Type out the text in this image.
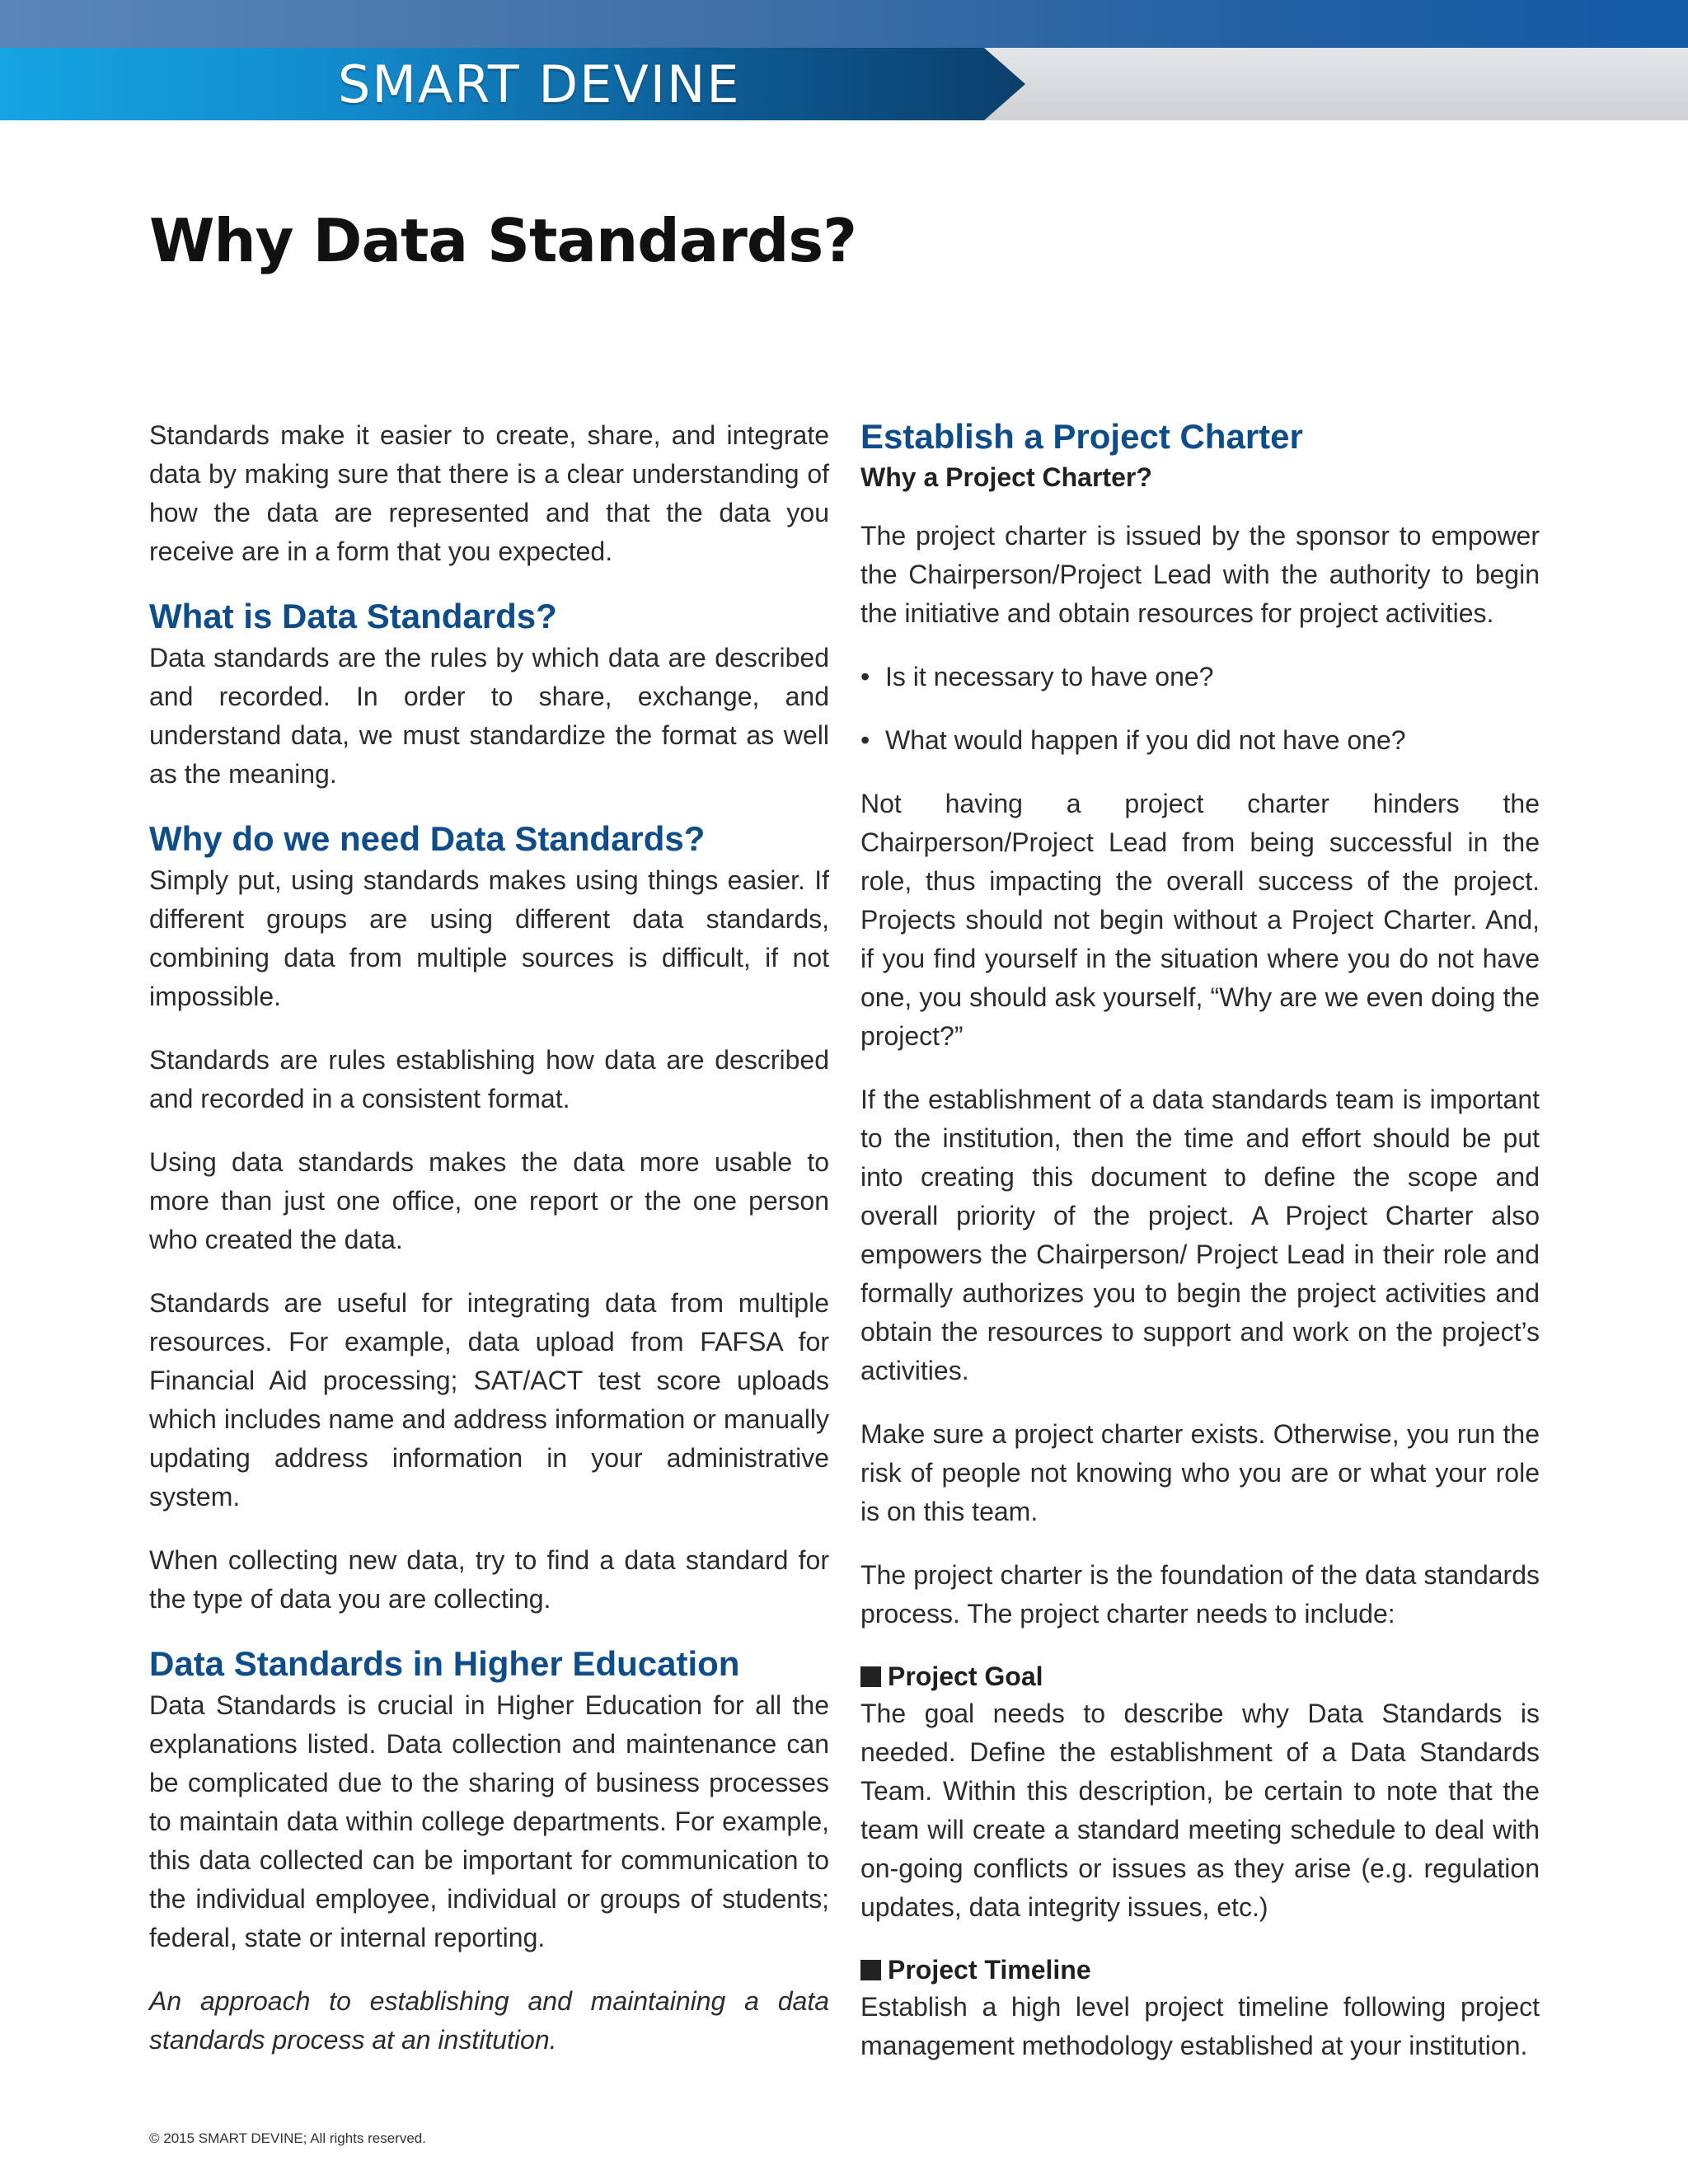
SMART DEVINE
Why Data Standards?

Standards make it easier to create, share, and integrate data by making sure that there is a clear understanding of how the data are represented and that the data you receive are in a form that you expected.

What is Data Standards?

Data standards are the rules by which data are described and recorded. In order to share, exchange, and understand data, we must standardize the format as well as the meaning.

Why do we need Data Standards?

Simply put, using standards makes using things easier. If different groups are using different data standards, combining data from multiple sources is difficult, if not impossible.

Standards are rules establishing how data are described and recorded in a consistent format.

Using data standards makes the data more usable to more than just one office, one report or the one person who created the data.

Standards are useful for integrating data from multiple resources. For example, data upload from FAFSA for Financial Aid processing; SAT/ACT test score uploads which includes name and address information or manually updating address information in your administrative system.

When collecting new data, try to find a data standard for the type of data you are collecting.

Data Standards in Higher Education

Data Standards is crucial in Higher Education for all the explanations listed. Data collection and maintenance can be complicated due to the sharing of business processes to maintain data within college departments. For example, this data collected can be important for communication to the individual employee, individual or groups of students; federal, state or internal reporting.

An approach to establishing and maintaining a data standards process at an institution.

Establish a Project Charter
Why a Project Charter?

The project charter is issued by the sponsor to empower the Chairperson/Project Lead with the authority to begin the initiative and obtain resources for project activities.

• Is it necessary to have one?
• What would happen if you did not have one?

Not having a project charter hinders the Chairperson/Project Lead from being successful in the role, thus impacting the overall success of the project. Projects should not begin without a Project Charter. And, if you find yourself in the situation where you do not have one, you should ask yourself, “Why are we even doing the project?”

If the establishment of a data standards team is important to the institution, then the time and effort should be put into creating this document to define the scope and overall priority of the project. A Project Charter also empowers the Chairperson/ Project Lead in their role and formally authorizes you to begin the project activities and obtain the resources to support and work on the project’s activities.

Make sure a project charter exists. Otherwise, you run the risk of people not knowing who you are or what your role is on this team.

The project charter is the foundation of the data standards process. The project charter needs to include:

Project Goal

The goal needs to describe why Data Standards is needed. Define the establishment of a Data Standards Team. Within this description, be certain to note that the team will create a standard meeting schedule to deal with on-going conflicts or issues as they arise (e.g. regulation updates, data integrity issues, etc.)

Project Timeline

Establish a high level project timeline following project management methodology established at your institution.

© 2015 SMART DEVINE; All rights reserved.
